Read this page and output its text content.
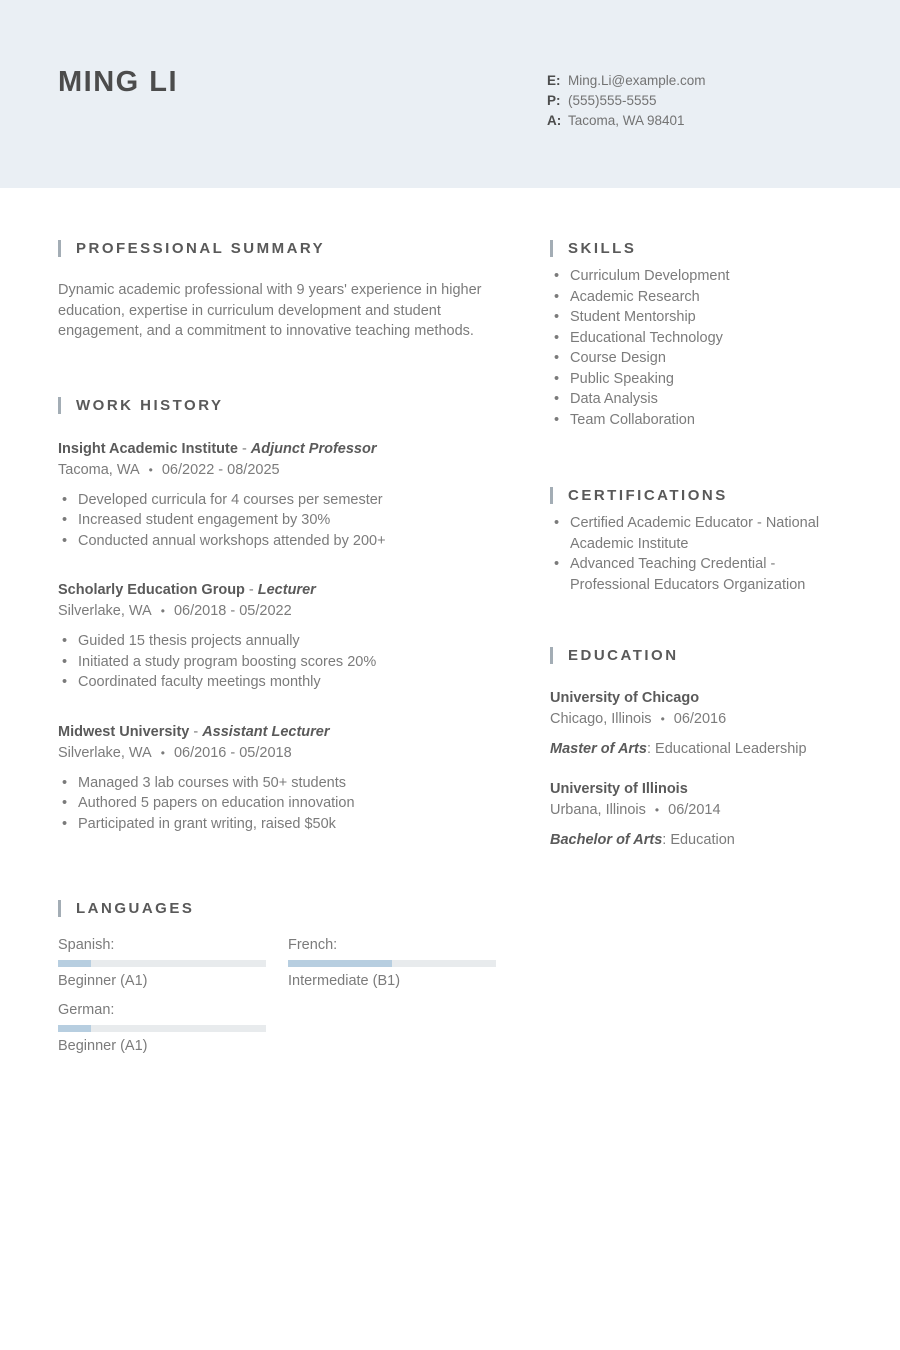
MING LI	E: Ming.Li@example.com
P: (555)555-5555
A: Tacoma, WA 98401
PROFESSIONAL SUMMARY

Dynamic academic professional with 9 years' experience in higher education, expertise in curriculum development and student engagement, and a commitment to innovative teaching methods.

WORK HISTORY
Insight Academic Institute - Adjunct Professor
Tacoma, WA • 06/2022 - 08/2025
• Developed curricula for 4 courses per semester
• Increased student engagement by 30%
• Conducted annual workshops attended by 200+
Scholarly Education Group - Lecturer
Silverlake, WA • 06/2018 - 05/2022
• Guided 15 thesis projects annually
• Initiated a study program boosting scores 20%
• Coordinated faculty meetings monthly
Midwest University - Assistant Lecturer
Silverlake, WA • 06/2016 - 05/2018
• Managed 3 lab courses with 50+ students
• Authored 5 papers on education innovation
• Participated in grant writing, raised $50k
LANGUAGES
Spanish:
Beginner (A1)
French:
Intermediate (B1)
German:
Beginner (A1)
SKILLS
• Curriculum Development
• Academic Research
• Student Mentorship
• Educational Technology
• Course Design
• Public Speaking
• Data Analysis
• Team Collaboration
CERTIFICATIONS
• Certified Academic Educator - National Academic Institute
• Advanced Teaching Credential - Professional Educators Organization
EDUCATION
University of Chicago
Chicago, Illinois • 06/2016
Master of Arts: Educational Leadership
University of Illinois
Urbana, Illinois • 06/2014
Bachelor of Arts: Education
